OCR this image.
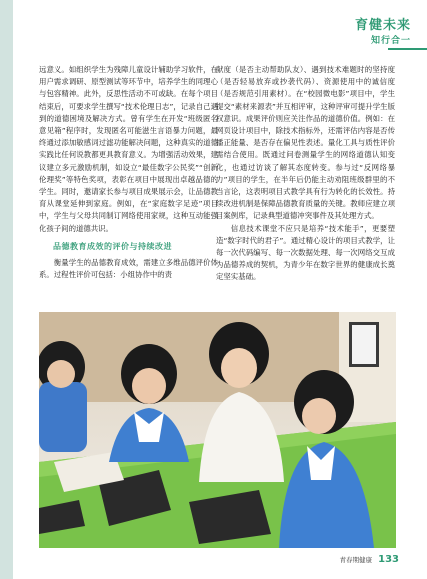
育健未来
知行合一

远意义。如组织学生为残障儿童设计辅助学习软件，在用户需求调研、原型测试等环节中，培养学生的同理心与包容精神。此外，反思性活动不可或缺。在每个项目结束后，可要求学生撰写“技术伦理日志”，记录自己遇到的道德困境及解决方式。曾有学生在开发“班级匿名意见箱”程序时，发现匿名可能滋生言语暴力问题，最终通过添加敏感词过滤功能解决问题，这种真实的道德实践比任何说教都更具教育意义。为增强活动效果，建议建立多元激励机制，如设立“最佳数字公民奖”“创新伦理奖”等特色奖项，表彰在项目中展现出卓越品德的学生。同时，邀请家长参与项目成果展示会，让品德教育从课堂延伸到家庭。例如，在“家庭数字足迹”项目中，学生与父母共同制订网络使用家规，这种互动能强化孩子间的道德共识。

品德教育成效的评价与持续改进

衡量学生的品德教育成效，需建立多维品德评价体系。过程性评价可包括：小组协作中的责

献度（是否主动帮助队友）、遇到技术难题时的坚持度（是否轻易放弃或抄袭代码）、资源使用中的诚信度（是否规范引用素材）。在“校园微电影”项目中，学生提交“素材来源表”并互相评审，这种评审可提升学生版权意识。成果评价则应关注作品的道德价值。例如：在网页设计项目中，除技术指标外，还需评估内容是否传播正能量、是否存在偏见性表述。量化工具与质性评价需结合使用。既通过问卷测量学生的网络道德认知变化，也通过访谈了解其态度转变。参与过“反网络暴力”项目的学生，在半年后仍能主动劝阻班级群里的不当言论，这表明项目式教学具有行为转化的长效性。持续改进机制是保障品德教育质量的关键。教师应建立项目案例库，记录典型道德冲突事件及其处理方式。

信息技术课堂不应只是培养“技术能手”，更要塑造“数字时代的君子”。通过精心设计的项目式教学，让每一次代码编写、每一次数据处理、每一次网络交互成为品德养成的契机，为青少年在数字世界的健康成长奠定坚实基础。

青春期健康 133
